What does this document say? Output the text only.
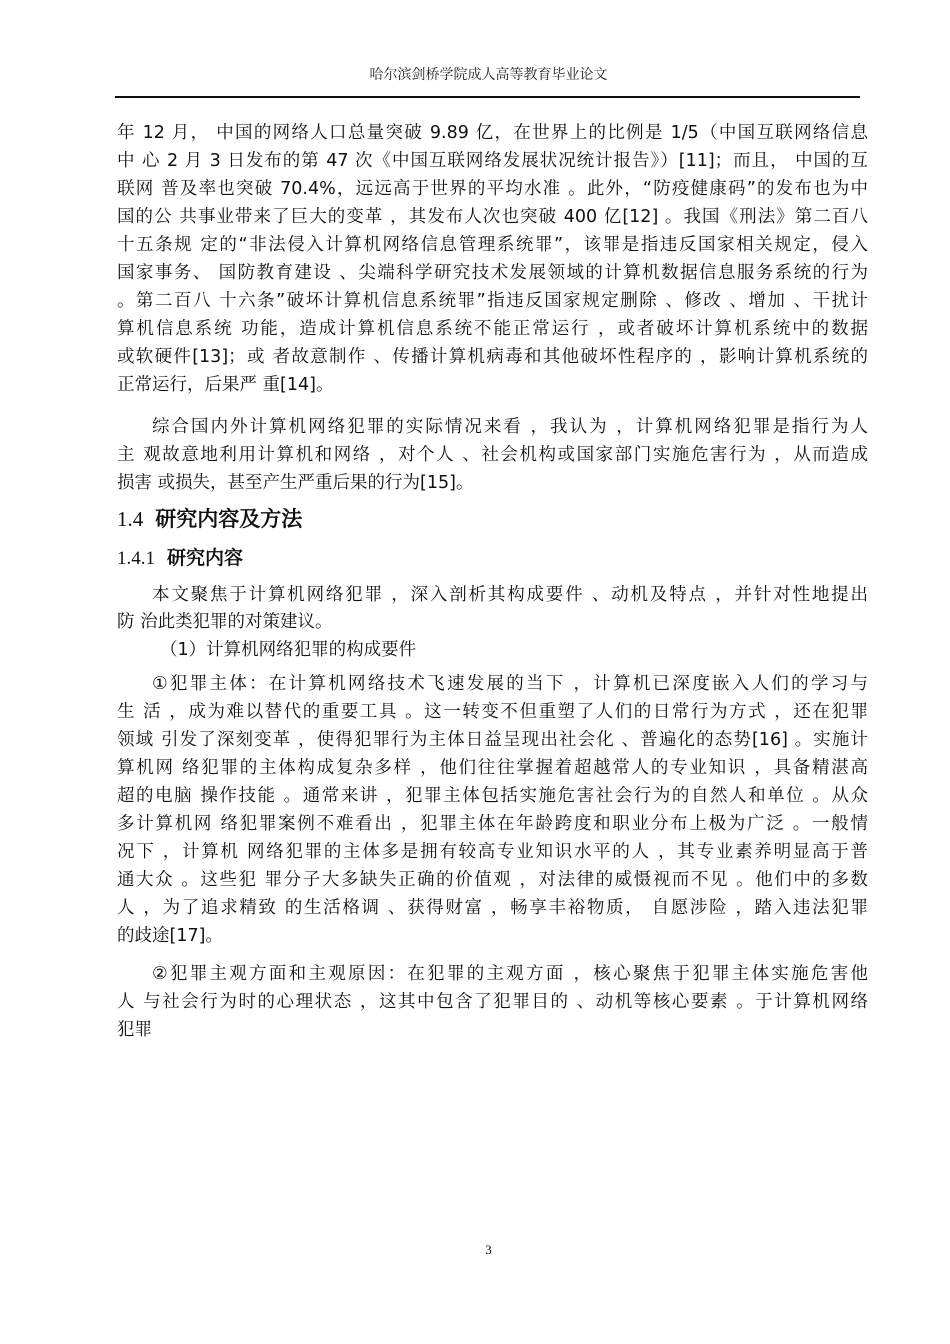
哈尔滨剑桥学院成人高等教育毕业论文
年 12 月， 中国的网络人口总量突破 9.89 亿，在世界上的比例是 1/5（中国互联网络信息
中 心 2 月 3 日发布的第 47 次《中国互联网络发展状况统计报告》）[11]；而且， 中国的互
联网 普及率也突破 70.4%，远远高于世界的平均水准 。此外，“防疫健康码”的发布也为中
国的公 共事业带来了巨大的变革 ，其发布人次也突破 400 亿[12] 。我国《刑法》第二百八
十五条规 定的“非法侵入计算机网络信息管理系统罪”，该罪是指违反国家相关规定，侵入
国家事务、 国防教育建设 、尖端科学研究技术发展领域的计算机数据信息服务系统的行为
。第二百八 十六条”破坏计算机信息系统罪”指违反国家规定删除 、修改 、增加 、干扰计
算机信息系统 功能，造成计算机信息系统不能正常运行 ，或者破坏计算机系统中的数据
或软硬件[13]；或 者故意制作 、传播计算机病毒和其他破坏性程序的 ，影响计算机系统的
正常运行，后果严 重[14]。
综合国内外计算机网络犯罪的实际情况来看 ，我认为 ，计算机网络犯罪是指行为人
主 观故意地利用计算机和网络 ，对个人 、社会机构或国家部门实施危害行为 ，从而造成
损害 或损失，甚至产生严重后果的行为[15]。
1.4 研究内容及方法
1.4.1 研究内容
本文聚焦于计算机网络犯罪 ，深入剖析其构成要件 、动机及特点 ，并针对性地提出
防 治此类犯罪的对策建议。
（1）计算机网络犯罪的构成要件
①犯罪主体：在计算机网络技术飞速发展的当下 ，计算机已深度嵌入人们的学习与
生 活 ，成为难以替代的重要工具 。这一转变不但重塑了人们的日常行为方式 ，还在犯罪
领域 引发了深刻变革 ，使得犯罪行为主体日益呈现出社会化 、普遍化的态势[16] 。实施计
算机网 络犯罪的主体构成复杂多样 ，他们往往掌握着超越常人的专业知识 ，具备精湛高
超的电脑 操作技能 。通常来讲 ，犯罪主体包括实施危害社会行为的自然人和单位 。从众
多计算机网 络犯罪案例不难看出 ，犯罪主体在年龄跨度和职业分布上极为广泛 。一般情
况下 ，计算机 网络犯罪的主体多是拥有较高专业知识水平的人 ，其专业素养明显高于普
通大众 。这些犯 罪分子大多缺失正确的价值观 ，对法律的威慑视而不见 。他们中的多数
人 ，为了追求精致 的生活格调 、获得财富 ，畅享丰裕物质， 自愿涉险 ，踏入违法犯罪
的歧途[17]。
②犯罪主观方面和主观原因：在犯罪的主观方面 ，核心聚焦于犯罪主体实施危害他
人 与社会行为时的心理状态 ，这其中包含了犯罪目的 、动机等核心要素 。于计算机网络
犯罪
3
